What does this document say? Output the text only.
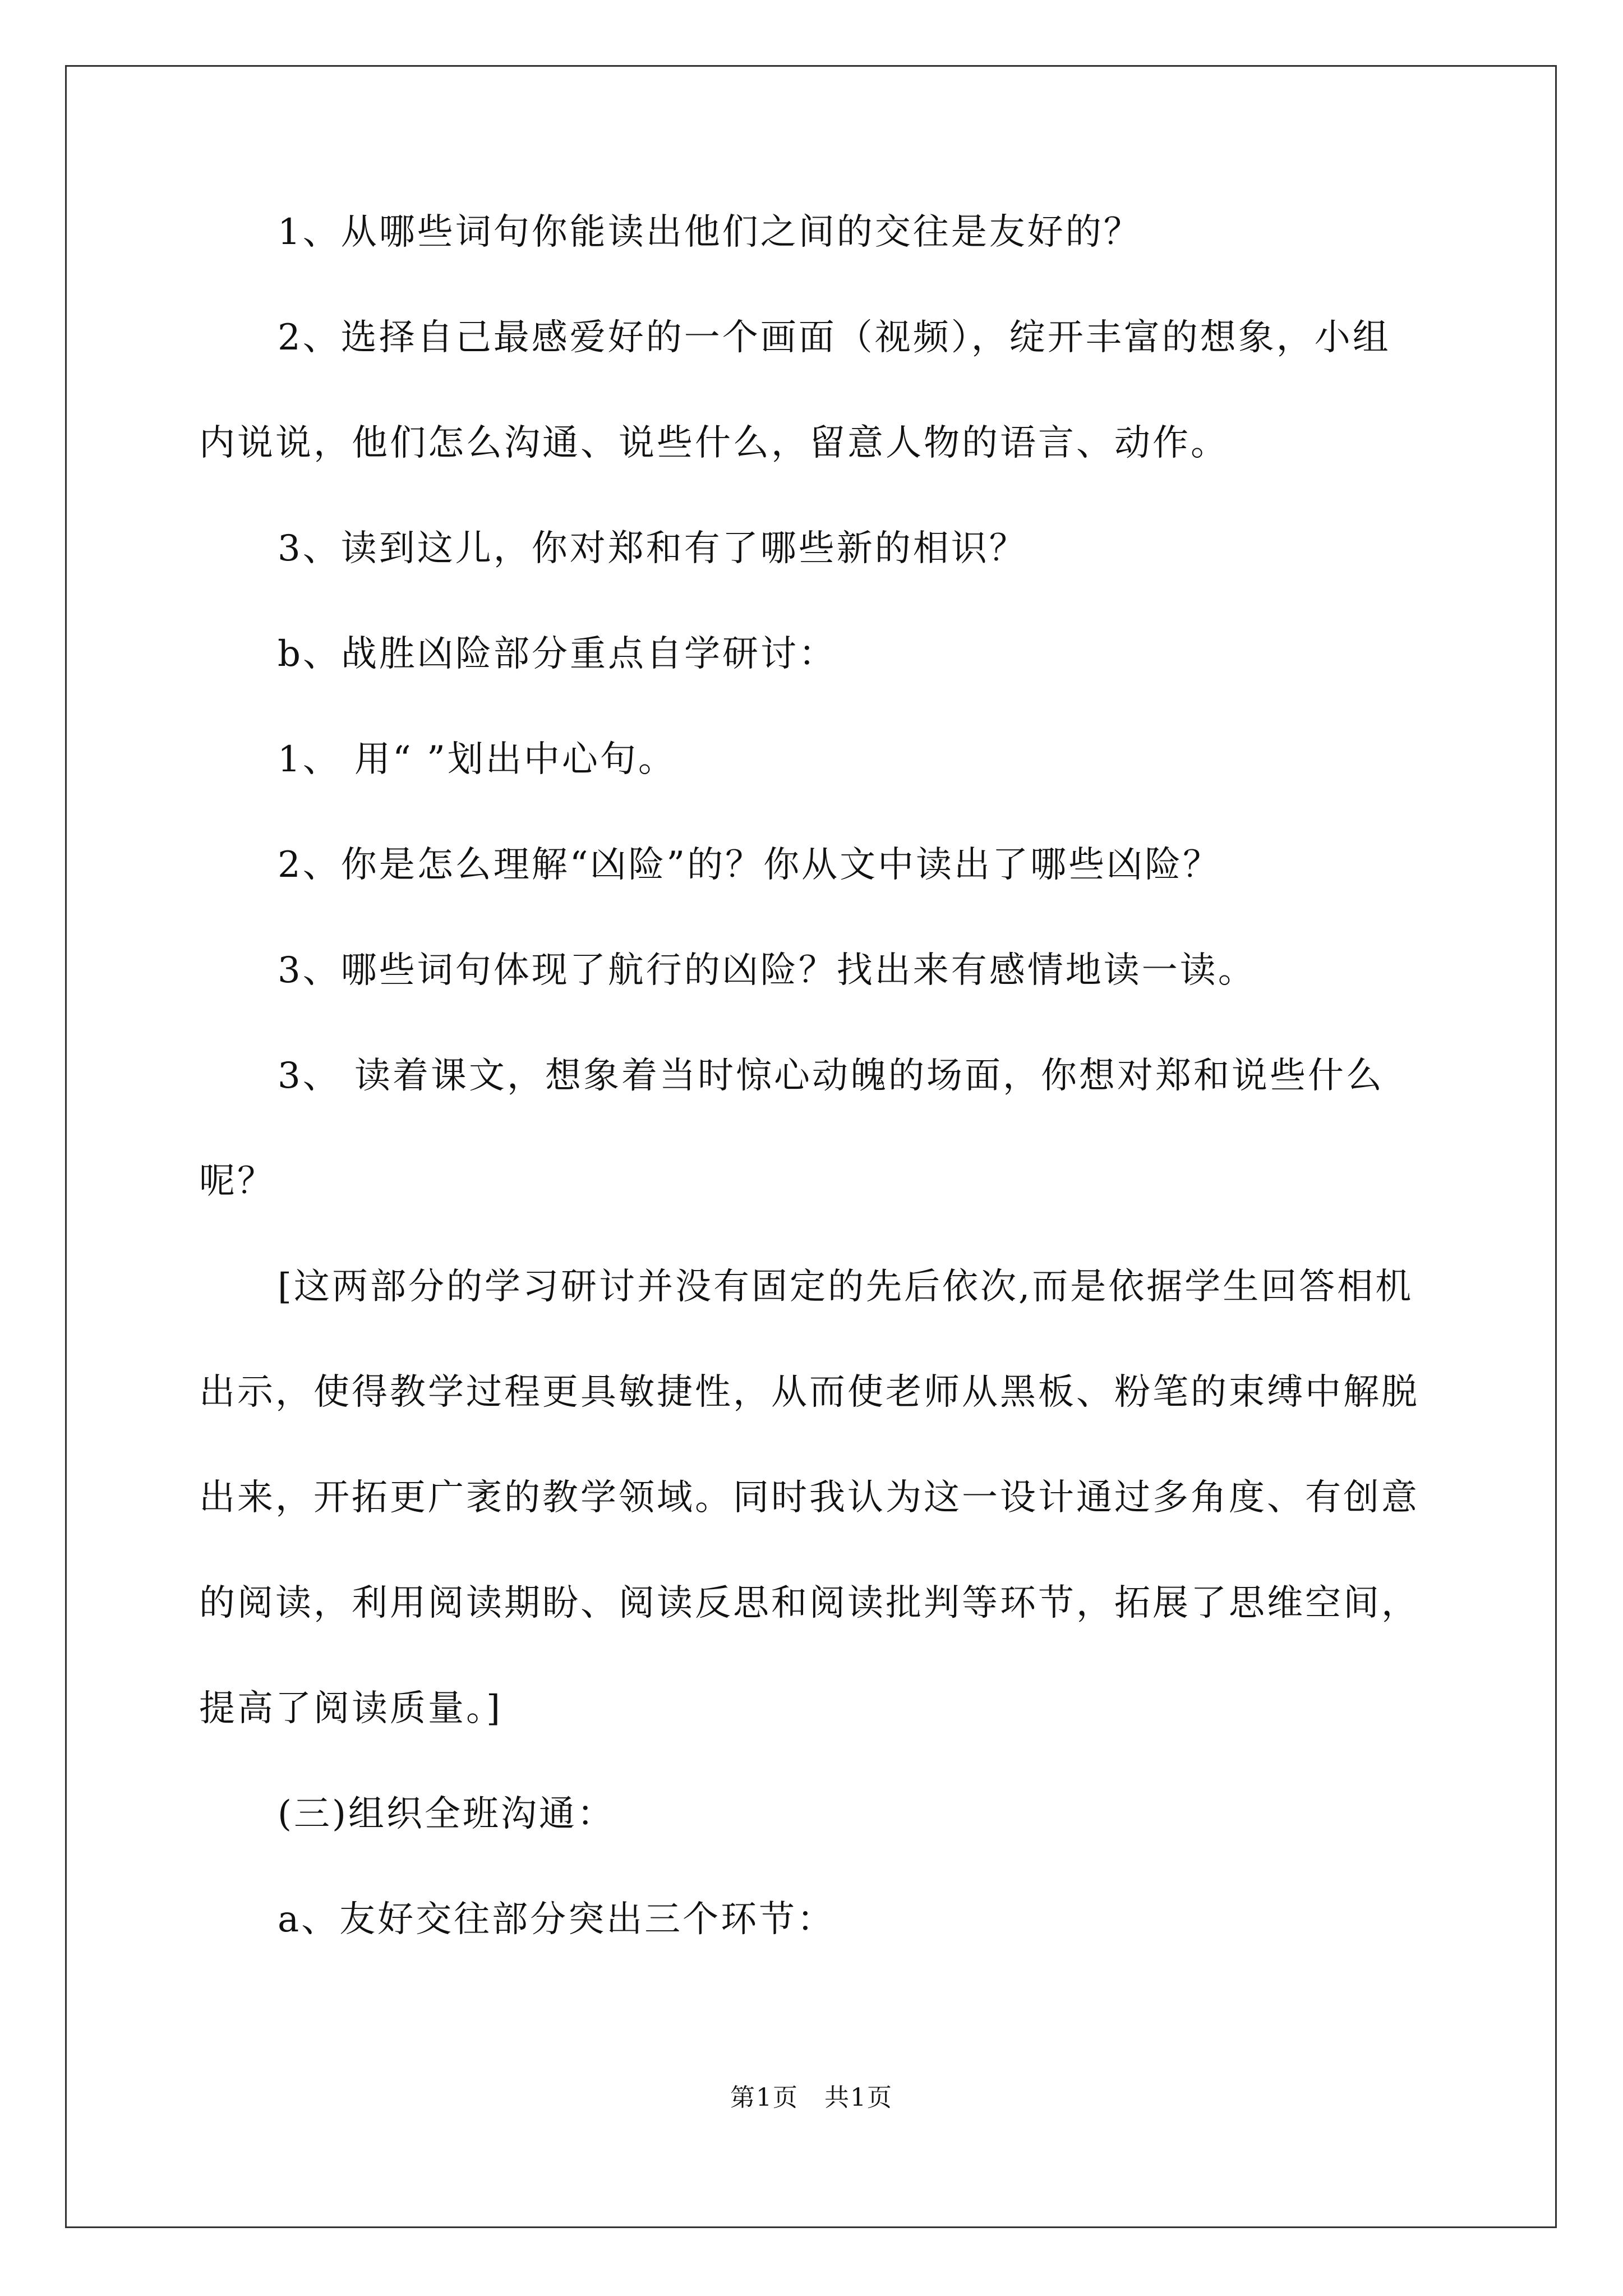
1、从哪些词句你能读出他们之间的交往是友好的？

2、选择自己最感爱好的一个画面（视频），绽开丰富的想象，小组内说说，他们怎么沟通、说些什么，留意人物的语言、动作。

3、读到这儿，你对郑和有了哪些新的相识？

b、战胜凶险部分重点自学研讨：

1、 用“ ”划出中心句。

2、你是怎么理解“凶险”的？你从文中读出了哪些凶险？

3、哪些词句体现了航行的凶险？找出来有感情地读一读。

3、 读着课文，想象着当时惊心动魄的场面，你想对郑和说些什么呢？

[这两部分的学习研讨并没有固定的先后依次,而是依据学生回答相机出示，使得教学过程更具敏捷性，从而使老师从黑板、粉笔的束缚中解脱出来，开拓更广袤的教学领域。同时我认为这一设计通过多角度、有创意的阅读，利用阅读期盼、阅读反思和阅读批判等环节，拓展了思维空间，提高了阅读质量。]

(三)组织全班沟通：

a、友好交往部分突出三个环节：

第1页　共1页
